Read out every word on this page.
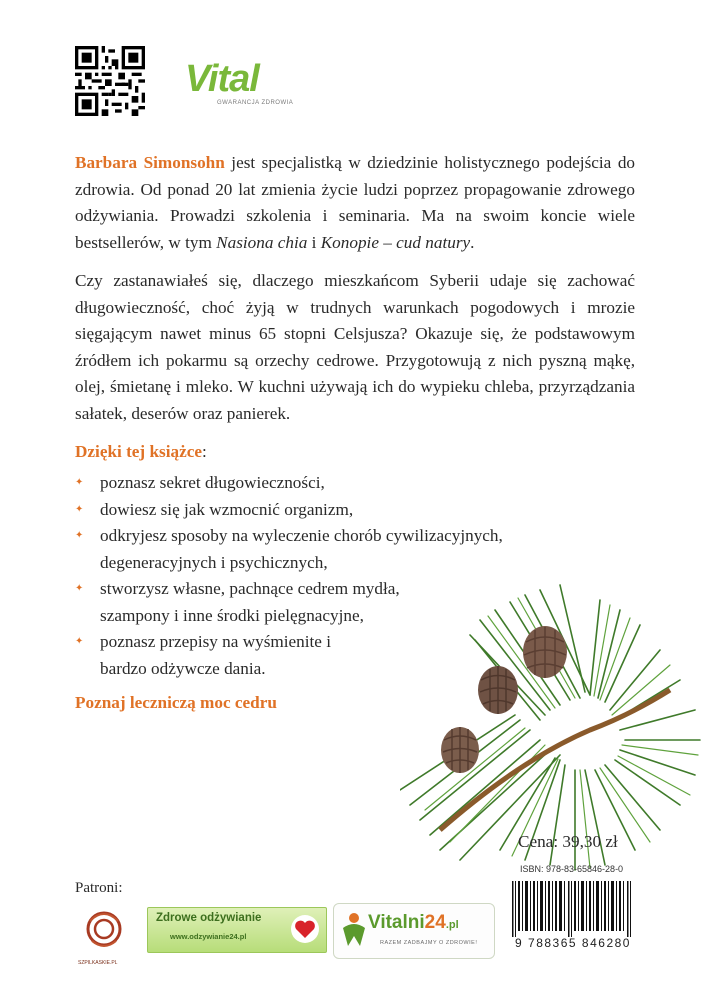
Vital
GWARANCJA ZDROWIA

Barbara Simonsohn jest specjalistką w dziedzinie holistycznego podejścia do zdrowia. Od ponad 20 lat zmienia życie ludzi poprzez propagowanie zdrowego odżywiania. Prowadzi szkolenia i seminaria. Ma na swoim koncie wiele bestsellerów, w tym Nasiona chia i Konopie – cud natury.

Czy zastanawiałeś się, dlaczego mieszkańcom Syberii udaje się zachować długowieczność, choć żyją w trudnych warunkach pogodowych i mrozie sięgającym nawet minus 65 stopni Celsjusza? Okazuje się, że podstawowym źródłem ich pokarmu są orzechy cedrowe. Przygotowują z nich pyszną mąkę, olej, śmietanę i mleko. W kuchni używają ich do wypieku chleba, przyrządzania sałatek, deserów oraz panierek.

Dzięki tej książce:
✦ poznasz sekret długowieczności,
✦ dowiesz się jak wzmocnić organizm,
✦ odkryjesz sposoby na wyleczenie chorób cywilizacyjnych, degeneracyjnych i psychicznych,
✦ stworzysz własne, pachnące cedrem mydła, szampony i inne środki pielęgnacyjne,
✦ poznasz przepisy na wyśmienite i bardzo odżywcze dania.
Poznaj leczniczą moc cedru
Cena: 39,30 zł
ISBN: 978-83-65846-28-0
9 788365 846280
Patroni:
SZPILKASKIE.PL
Zdrowe odżywianie
www.odzywianie24.pl
Vitalni24.pl
RAZEM ZADBAJMY O ZDROWIE!
